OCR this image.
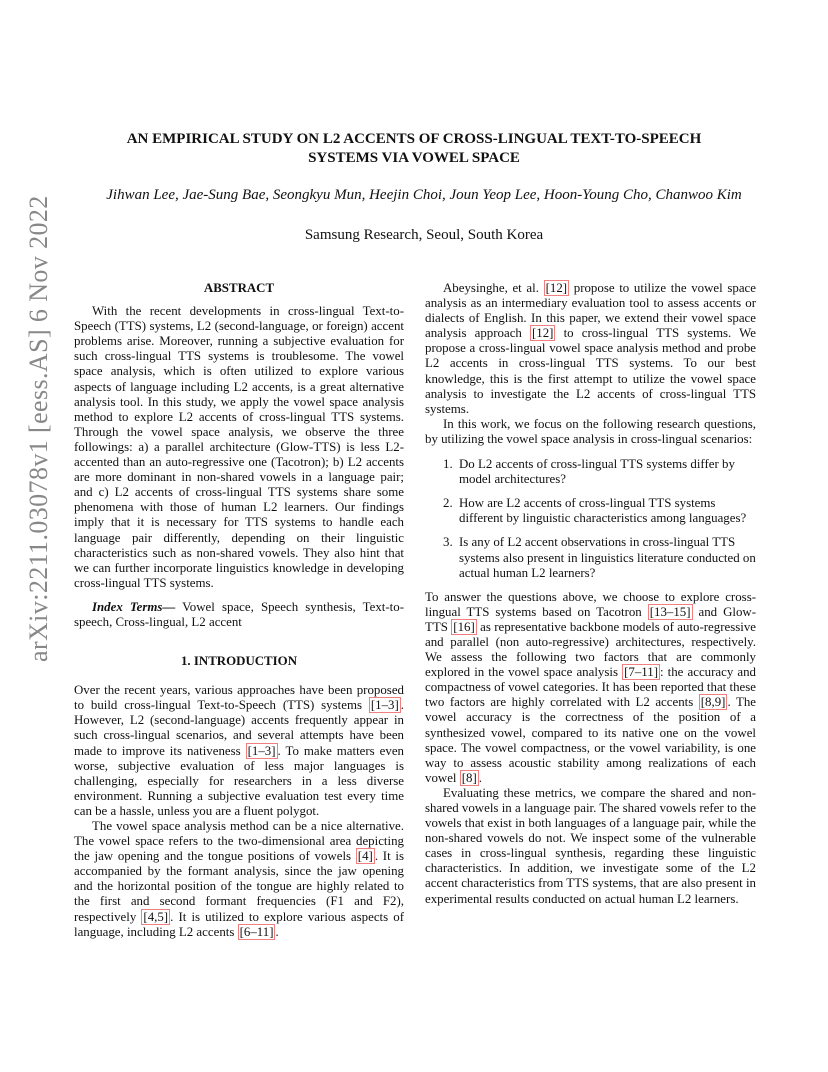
AN EMPIRICAL STUDY ON L2 ACCENTS OF CROSS-LINGUAL TEXT-TO-SPEECH
SYSTEMS VIA VOWEL SPACE
Jihwan Lee, Jae-Sung Bae, Seongkyu Mun, Heejin Choi, Joun Yeop Lee, Hoon-Young Cho, Chanwoo Kim
Samsung Research, Seoul, South Korea
arXiv:2211.03078v1 [eess.AS] 6 Nov 2022	ABSTRACT

With the recent developments in cross-lingual Text-to-Speech (TTS) systems, L2 (second-language, or foreign) accent problems arise. Moreover, running a subjective evaluation for such cross-lingual TTS systems is troublesome. The vowel space analysis, which is often utilized to explore various aspects of language including L2 accents, is a great alternative analysis tool. In this study, we apply the vowel space analysis method to explore L2 accents of cross-lingual TTS systems. Through the vowel space analysis, we observe the three followings: a) a parallel architecture (Glow-TTS) is less L2-accented than an auto-regressive one (Tacotron); b) L2 accents are more dominant in non-shared vowels in a language pair; and c) L2 accents of cross-lingual TTS systems share some phenomena with those of human L2 learners. Our findings imply that it is necessary for TTS systems to handle each language pair differently, depending on their linguistic characteristics such as non-shared vowels. They also hint that we can further incorporate linguistics knowledge in developing cross-lingual TTS systems.

Index Terms— Vowel space, Speech synthesis, Text-to-speech, Cross-lingual, L2 accent

1. INTRODUCTION

Over the recent years, various approaches have been proposed to build cross-lingual Text-to-Speech (TTS) systems [1–3] . However, L2 (second-language) accents frequently appear in such cross-lingual scenarios, and several attempts have been made to improve its nativeness [1–3] . To make matters even worse, subjective evaluation of less major languages is challenging, especially for researchers in a less diverse environment. Running a subjective evaluation test every time can be a hassle, unless you are a fluent polygot.

The vowel space analysis method can be a nice alternative. The vowel space refers to the two-dimensional area depicting the jaw opening and the tongue positions of vowels [4] . It is accompanied by the formant analysis, since the jaw opening and the horizontal position of the tongue are highly related to the first and second formant frequencies (F1 and F2), respectively [4,5] . It is utilized to explore various aspects of language, including L2 accents [6–11] .

Abeysinghe, et al. [12] propose to utilize the vowel space analysis as an intermediary evaluation tool to assess accents or dialects of English. In this paper, we extend their vowel space analysis approach [12] to cross-lingual TTS systems. We propose a cross-lingual vowel space analysis method and probe L2 accents in cross-lingual TTS systems. To our best knowledge, this is the first attempt to utilize the vowel space analysis to investigate the L2 accents of cross-lingual TTS systems.

In this work, we focus on the following research questions, by utilizing the vowel space analysis in cross-lingual scenarios:

1. Do L2 accents of cross-lingual TTS systems differ by model architectures?
2. How are L2 accents of cross-lingual TTS systems different by linguistic characteristics among languages?
3. Is any of L2 accent observations in cross-lingual TTS systems also present in linguistics literature conducted on actual human L2 learners?

To answer the questions above, we choose to explore cross-lingual TTS systems based on Tacotron [13–15] and Glow-TTS [16] as representative backbone models of auto-regressive and parallel (non auto-regressive) architectures, respectively. We assess the following two factors that are commonly explored in the vowel space analysis [7–11] : the accuracy and compactness of vowel categories. It has been reported that these two factors are highly correlated with L2 accents [8,9] . The vowel accuracy is the correctness of the position of a synthesized vowel, compared to its native one on the vowel space. The vowel compactness, or the vowel variability, is one way to assess acoustic stability among realizations of each vowel [8] .

Evaluating these metrics, we compare the shared and non-shared vowels in a language pair. The shared vowels refer to the vowels that exist in both languages of a language pair, while the non-shared vowels do not. We inspect some of the vulnerable cases in cross-lingual synthesis, regarding these linguistic characteristics. In addition, we investigate some of the L2 accent characteristics from TTS systems, that are also present in experimental results conducted on actual human L2 learners.
